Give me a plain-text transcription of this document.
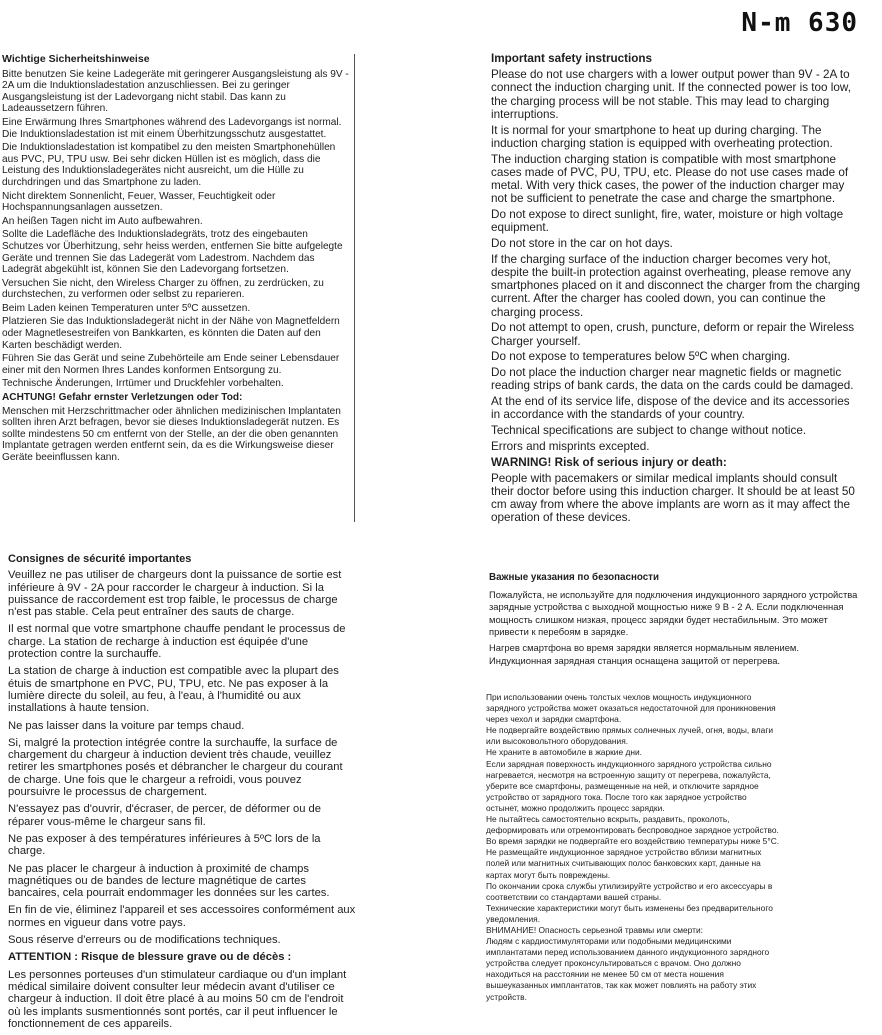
N-m 630
Wichtige Sicherheitshinweise

Bitte benutzen Sie keine Ladegeräte mit geringerer Ausgangsleistung als 9V - 2A um die Induktionsladestation anzuschliessen. Bei zu geringer Ausgangsleistung ist der Ladevorgang nicht stabil. Das kann zu Ladeaussetzern führen.

Eine Erwärmung Ihres Smartphones während des Ladevorgangs ist normal. Die Induktionsladestation ist mit einem Überhitzungsschutz ausgestattet.

Die Induktionsladestation ist kompatibel zu den meisten Smartphonehüllen aus PVC, PU, TPU usw. Bei sehr dicken Hüllen ist es möglich, dass die Leistung des Induktionsladegerätes nicht ausreicht, um die Hülle zu durchdringen und das Smartphone zu laden.

Nicht direktem Sonnenlicht, Feuer, Wasser, Feuchtigkeit oder Hochspannungsanlagen aussetzen.

An heißen Tagen nicht im Auto aufbewahren.

Sollte die Ladefläche des Induktionsladegräts, trotz des eingebauten Schutzes vor Überhitzung, sehr heiss werden, entfernen Sie bitte aufgelegte Geräte und trennen Sie das Ladegerät vom Ladestrom. Nachdem das Ladegrät abgekühlt ist, können Sie den Ladevorgang fortsetzen.

Versuchen Sie nicht, den Wireless Charger zu öffnen, zu zerdrücken, zu durchstechen, zu verformen oder selbst zu reparieren.

Beim Laden keinen Temperaturen unter 5ºC aussetzen.

Platzieren Sie das Induktionsladegerät nicht in der Nähe von Magnetfeldern oder Magnetlesestreifen von Bankkarten, es könnten die Daten auf den Karten beschädigt werden.

Führen Sie das Gerät und seine Zubehörteile am Ende seiner Lebensdauer einer mit den Normen Ihres Landes konformen Entsorgung zu.

Technische Änderungen, Irrtümer und Druckfehler vorbehalten.

ACHTUNG! Gefahr ernster Verletzungen oder Tod:

Menschen mit Herzschrittmacher oder ähnlichen medizinischen Implantaten sollten ihren Arzt befragen, bevor sie dieses Induktionsladegerät nutzen. Es sollte mindestens 50 cm entfernt von der Stelle, an der die oben genannten Implantate getragen werden entfernt sein, da es die Wirkungsweise dieser Geräte beeinflussen kann.

Important safety instructions

Please do not use chargers with a lower output power than 9V - 2A to connect the induction charging unit. If the connected power is too low, the charging process will be not stable. This may lead to charging interruptions.

It is normal for your smartphone to heat up during charging. The induction charging station is equipped with overheating protection.

The induction charging station is compatible with most smartphone cases made of PVC, PU, TPU, etc. Please do not use cases made of metal. With very thick cases, the power of the induction charger may not be sufficient to penetrate the case and charge the smartphone.

Do not expose to direct sunlight, fire, water, moisture or high voltage equipment.

Do not store in the car on hot days.

If the charging surface of the induction charger becomes very hot, despite the built-in protection against overheating, please remove any smartphones placed on it and disconnect the charger from the charging current. After the charger has cooled down, you can continue the charging process.

Do not attempt to open, crush, puncture, deform or repair the Wireless Charger yourself.

Do not expose to temperatures below 5ºC when charging.

Do not place the induction charger near magnetic fields or magnetic reading strips of bank cards, the data on the cards could be damaged.

At the end of its service life, dispose of the device and its accessories in accordance with the standards of your country.

Technical specifications are subject to change without notice.

Errors and misprints excepted.

WARNING! Risk of serious injury or death:

People with pacemakers or similar medical implants should consult their doctor before using this induction charger. It should be at least 50 cm away from where the above implants are worn as it may affect the operation of these devices.

Consignes de sécurité importantes

Veuillez ne pas utiliser de chargeurs dont la puissance de sortie est inférieure à 9V - 2A pour raccorder le chargeur à induction. Si la puissance de raccordement est trop faible, le processus de charge n'est pas stable. Cela peut entraîner des sauts de charge.

Il est normal que votre smartphone chauffe pendant le processus de charge. La station de recharge à induction est équipée d'une protection contre la surchauffe.

La station de charge à induction est compatible avec la plupart des étuis de smartphone en PVC, PU, TPU, etc. Ne pas exposer à la lumière directe du soleil, au feu, à l'eau, à l'humidité ou aux installations à haute tension.

Ne pas laisser dans la voiture par temps chaud.

Si, malgré la protection intégrée contre la surchauffe, la surface de chargement du chargeur à induction devient très chaude, veuillez retirer les smartphones posés et débrancher le chargeur du courant de charge. Une fois que le chargeur a refroidi, vous pouvez poursuivre le processus de chargement.

N'essayez pas d'ouvrir, d'écraser, de percer, de déformer ou de réparer vous-même le chargeur sans fil.

Ne pas exposer à des températures inférieures à 5ºC lors de la charge.

Ne pas placer le chargeur à induction à proximité de champs magnétiques ou de bandes de lecture magnétique de cartes bancaires, cela pourrait endommager les données sur les cartes.

En fin de vie, éliminez l'appareil et ses accessoires conformément aux normes en vigueur dans votre pays.

Sous réserve d'erreurs ou de modifications techniques.

ATTENTION : Risque de blessure grave ou de décès :

Les personnes porteuses d'un stimulateur cardiaque ou d'un implant médical similaire doivent consulter leur médecin avant d'utiliser ce chargeur à induction. Il doit être placé à au moins 50 cm de l'endroit où les implants susmentionnés sont portés, car il peut influencer le fonctionnement de ces appareils.

Важные указания по безопасности

Пожалуйста, не используйте для подключения индукционного зарядного устройства зарядные устройства с выходной мощностью ниже 9 В - 2 А. Если подключенная мощность слишком низкая, процесс зарядки будет нестабильным. Это может привести к перебоям в зарядке.

Нагрев смартфона во время зарядки является нормальным явлением. Индукционная зарядная станция оснащена защитой от перегрева.

При использовании очень толстых чехлов мощность индукционного

зарядного устройства может оказаться недостаточной для проникновения

через чехол и зарядки смартфона.

Не подвергайте воздействию прямых солнечных лучей, огня, воды, влаги

или высоковольтного оборудования.

Не храните в автомобиле в жаркие дни.

Если зарядная поверхность индукционного зарядного устройства сильно

нагревается, несмотря на встроенную защиту от перегрева, пожалуйста,

уберите все смартфоны, размещенные на ней, и отключите зарядное

устройство от зарядного тока. После того как зарядное устройство

остынет, можно продолжить процесс зарядки.

Не пытайтесь самостоятельно вскрыть, раздавить, проколоть,

деформировать или отремонтировать беспроводное зарядное устройство.

Во время зарядки не подвергайте его воздействию температуры ниже 5°C.

Не размещайте индукционное зарядное устройство вблизи магнитных

полей или магнитных считывающих полос банковских карт, данные на

картах могут быть повреждены.

По окончании срока службы утилизируйте устройство и его аксессуары в

соответствии со стандартами вашей страны.

Технические характеристики могут быть изменены без предварительного

уведомления.

ВНИМАНИЕ! Опасность серьезной травмы или смерти:

Людям с кардиостимуляторами или подобными медицинскими

имплантатами перед использованием данного индукционного зарядного

устройства следует проконсультироваться с врачом. Оно должно

находиться на расстоянии не менее 50 см от места ношения

вышеуказанных имплантатов, так как может повлиять на работу этих

устройств.
